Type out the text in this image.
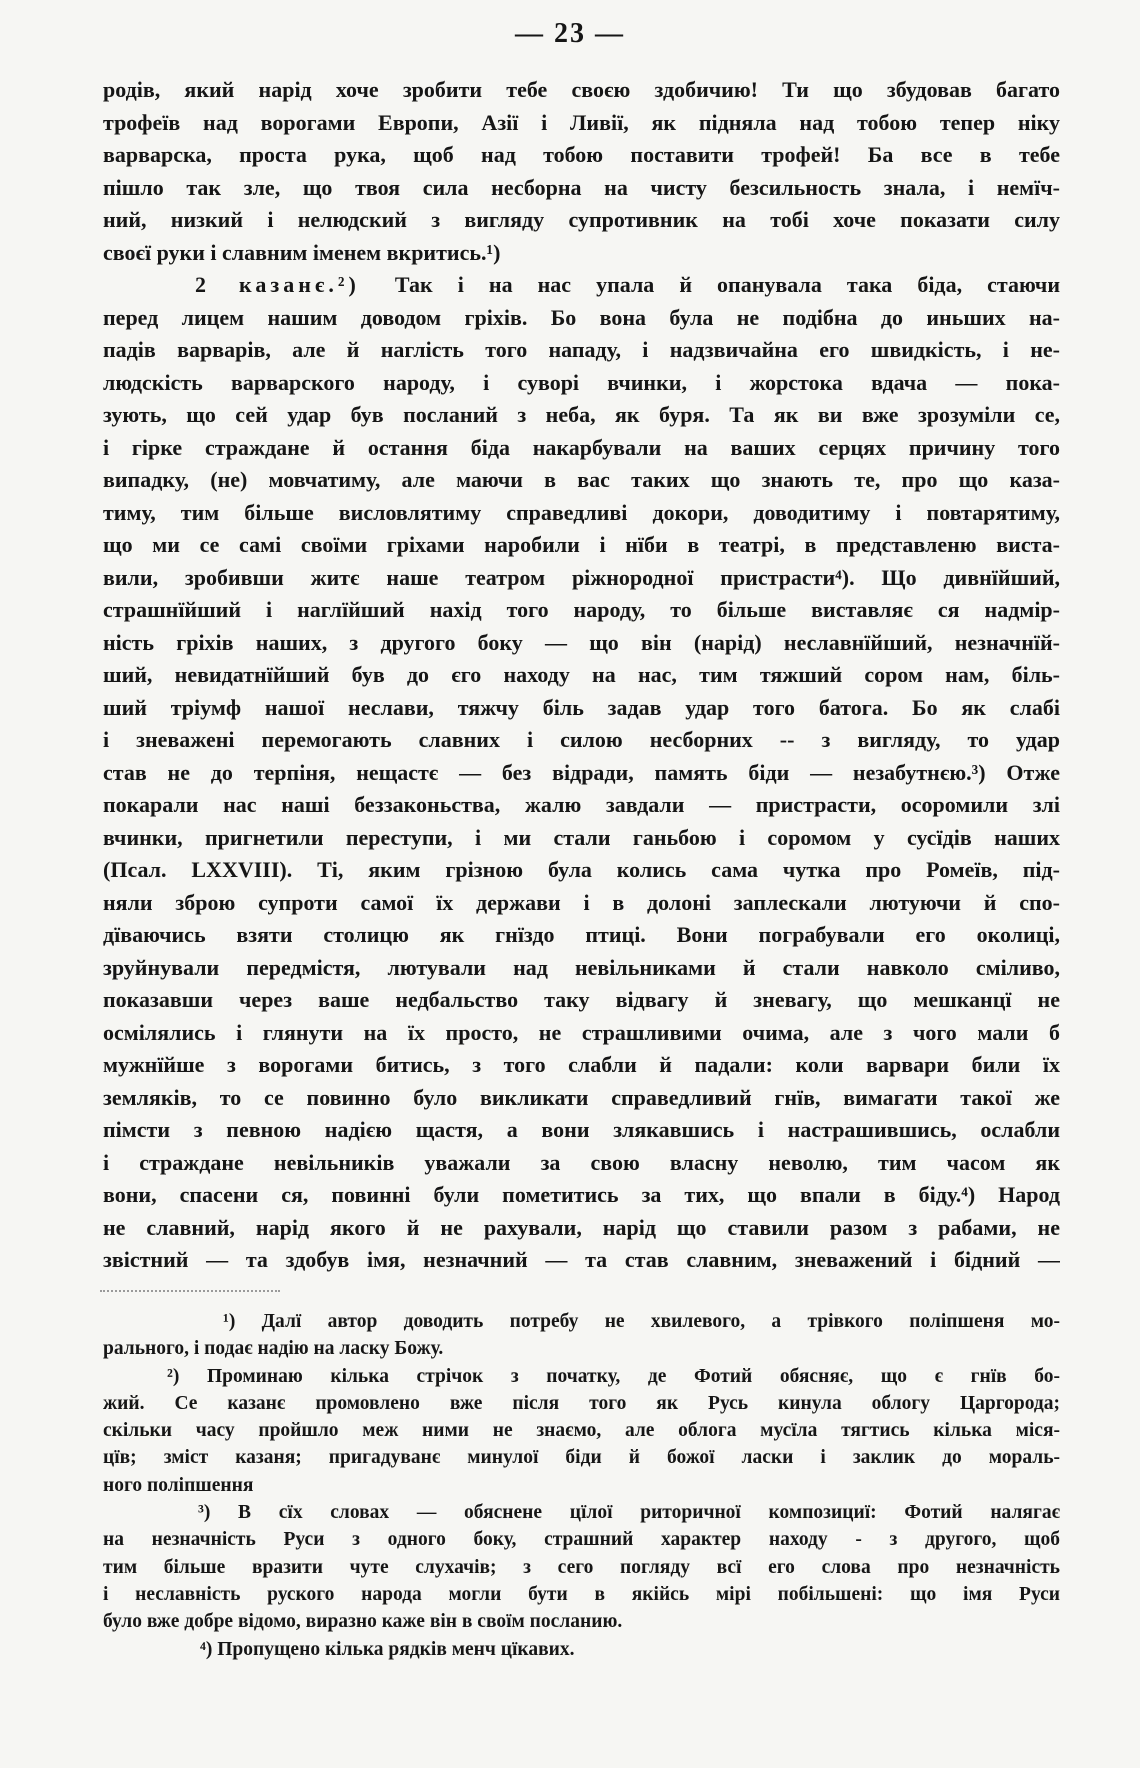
— 23 —
родів, який нарід хоче зробити тебе своєю здобичию! Ти що збудовав багато
трофеїв над ворогами Европи, Азії і Ливії, як підняла над тобою тепер ніку
варварска, проста рука, щоб над тобою поставити трофей! Ба все в тебе
пішло так зле, що твоя сила несборна на чисту безсильность знала, і немїч-
ний, низкий і нелюдский з вигляду супротивник на тобі хоче показати силу
своєї руки і славним іменем вкритись.¹)
2 казанє.²) Так і на нас упала й опанувала така біда, стаючи
перед лицем нашим доводом гріхів. Бо вона була не подібна до иньших на-
падів варварів, але й наглість того нападу, і надзвичайна его швидкість, і не-
людскість варварского народу, і суворі вчинки, і жорстока вдача — пока-
зують, що сей удар був посланий з неба, як буря. Та як ви вже зрозуміли се,
і гірке страждане й остання біда накарбували на ваших серцях причину того
випадку, (не) мовчатиму, але маючи в вас таких що знають те, про що каза-
тиму, тим більше висловлятиму справедливі докори, доводитиму і повтарятиму,
що ми се самі своїми гріхами наробили і нїби в театрі, в представленю виста-
вили, зробивши житє наше театром ріжнородної пристрасти⁴). Що дивнїйший,
страшнїйший і наглїйший нахід того народу, то більше виставляє ся надмір-
ність гріхів наших, з другого боку — що він (нарід) неславнїйший, незначнїй-
ший, невидатнїйший був до єго находу на нас, тим тяжший сором нам, біль-
ший тріумф нашої неслави, тяжчу біль задав удар того батога. Бо як слабі
і зневажені перемогають славних і силою несборних -- з вигляду, то удар
став не до терпіня, нещастє — без відради, память біди — незабутнєю.³) Отже
покарали нас наші беззаконьства, жалю завдали — пристрасти, осоромили злі
вчинки, пригнетили переступи, і ми стали ганьбою і соромом у сусїдів наших
(Псал. LXXVIII). Ті, яким грізною була колись сама чутка про Ромеїв, під-
няли зброю супроти самої їх держави і в долоні заплескали лютуючи й спо-
дїваючись взяти столицю як гнїздо птиці. Вони пограбували его околиці,
зруйнували передмістя, лютували над невільниками й стали навколо сміливо,
показавши через ваше недбальство таку відвагу й зневагу, що мешканцї не
осмілялись і глянути на їх просто, не страшливими очима, але з чого мали б
мужнїйше з ворогами битись, з того слабли й падали: коли варвари били їх
земляків, то се повинно було викликати справедливий гнїв, вимагати такої же
пімсти з певною надією щастя, а вони злякавшись і настрашившись, ослабли
і страждане невільників уважали за свою власну неволю, тим часом як
вони, спасени ся, повинні були пометитись за тих, що впали в біду.⁴) Народ
не славний, нарід якого й не рахували, нарід що ставили разом з рабами, не
звістний — та здобув імя, незначний — та став славним, зневажений і бідний —
¹) Далї автор доводить потребу не хвилевого, а трівкого поліпшеня мо-
рального, і подає надію на ласку Божу.
²) Проминаю кілька стрічок з початку, де Фотий обясняє, що є гнїв бо-
жий. Се казанє промовлено вже після того як Русь кинула облогу Царгорода;
скільки часу пройшло меж ними не знаємо, але облога мусїла тягтись кілька міся-
цїв; зміст казаня; пригадуванє минулої біди й божої ласки і заклик до мораль-
ного поліпшення
³) В сїх словах — обяснене цїлої риторичної композициї: Фотий налягає
на незначність Руси з одного боку, страшний характер находу - з другого, щоб
тим більше вразити чуте слухачів; з сего погляду всї его слова про незначність
і неславність руского народа могли бути в якійсь мірі побільшені: що імя Руси
було вже добре відомо, виразно каже він в своїм посланию.
⁴) Пропущено кілька рядків менч цїкавих.
